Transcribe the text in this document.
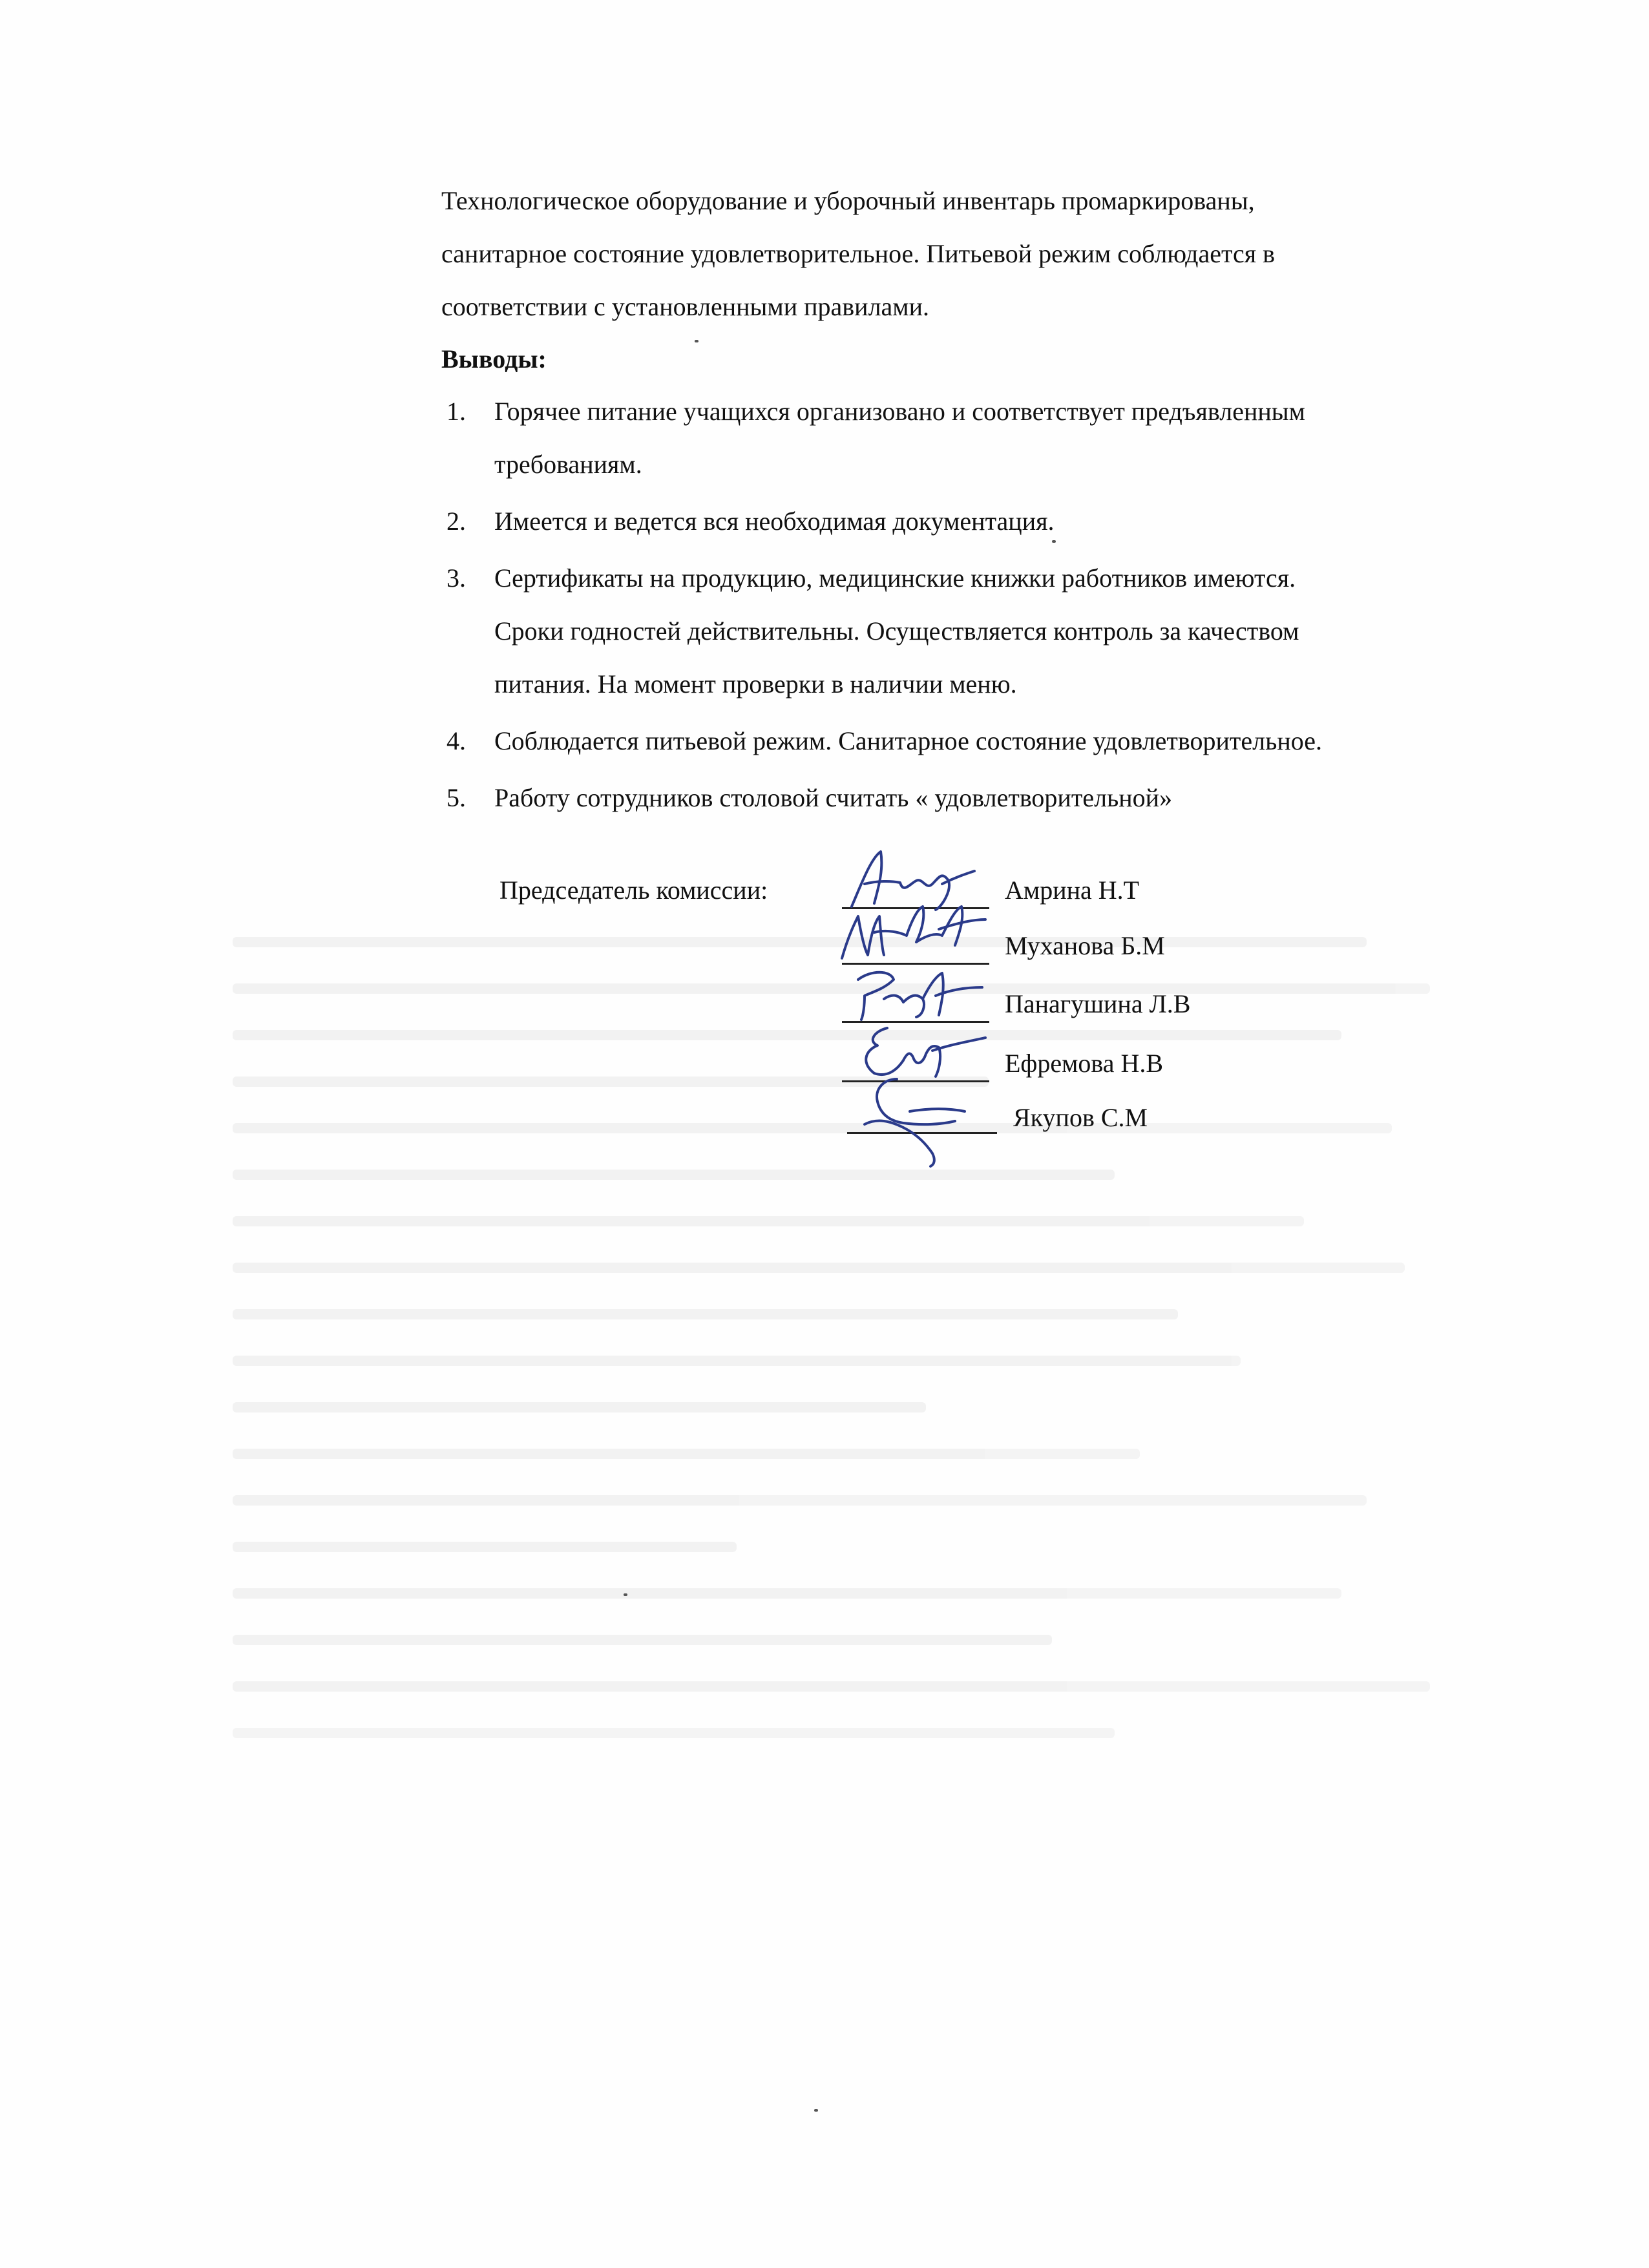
Технологическое оборудование и уборочный инвентарь промаркированы,
санитарное состояние удовлетворительное. Питьевой режим соблюдается в
соответствии с установленными правилами.

Выводы:

1. Горячее питание учащихся организовано и соответствует предъявленным
требованиям.
2. Имеется и ведется вся необходимая документация.
3. Сертификаты на продукцию, медицинские книжки работников имеются.
Сроки годностей действительны. Осуществляется контроль за качеством
питания. На момент проверки в наличии меню.
4. Соблюдается питьевой режим. Санитарное состояние удовлетворительное.
5. Работу сотрудников столовой считать « удовлетворительной»
Председатель комиссии:	Амрина Н.Т
Муханова Б.М
Панагушина Л.В
Ефремова Н.В
Якупов С.М
